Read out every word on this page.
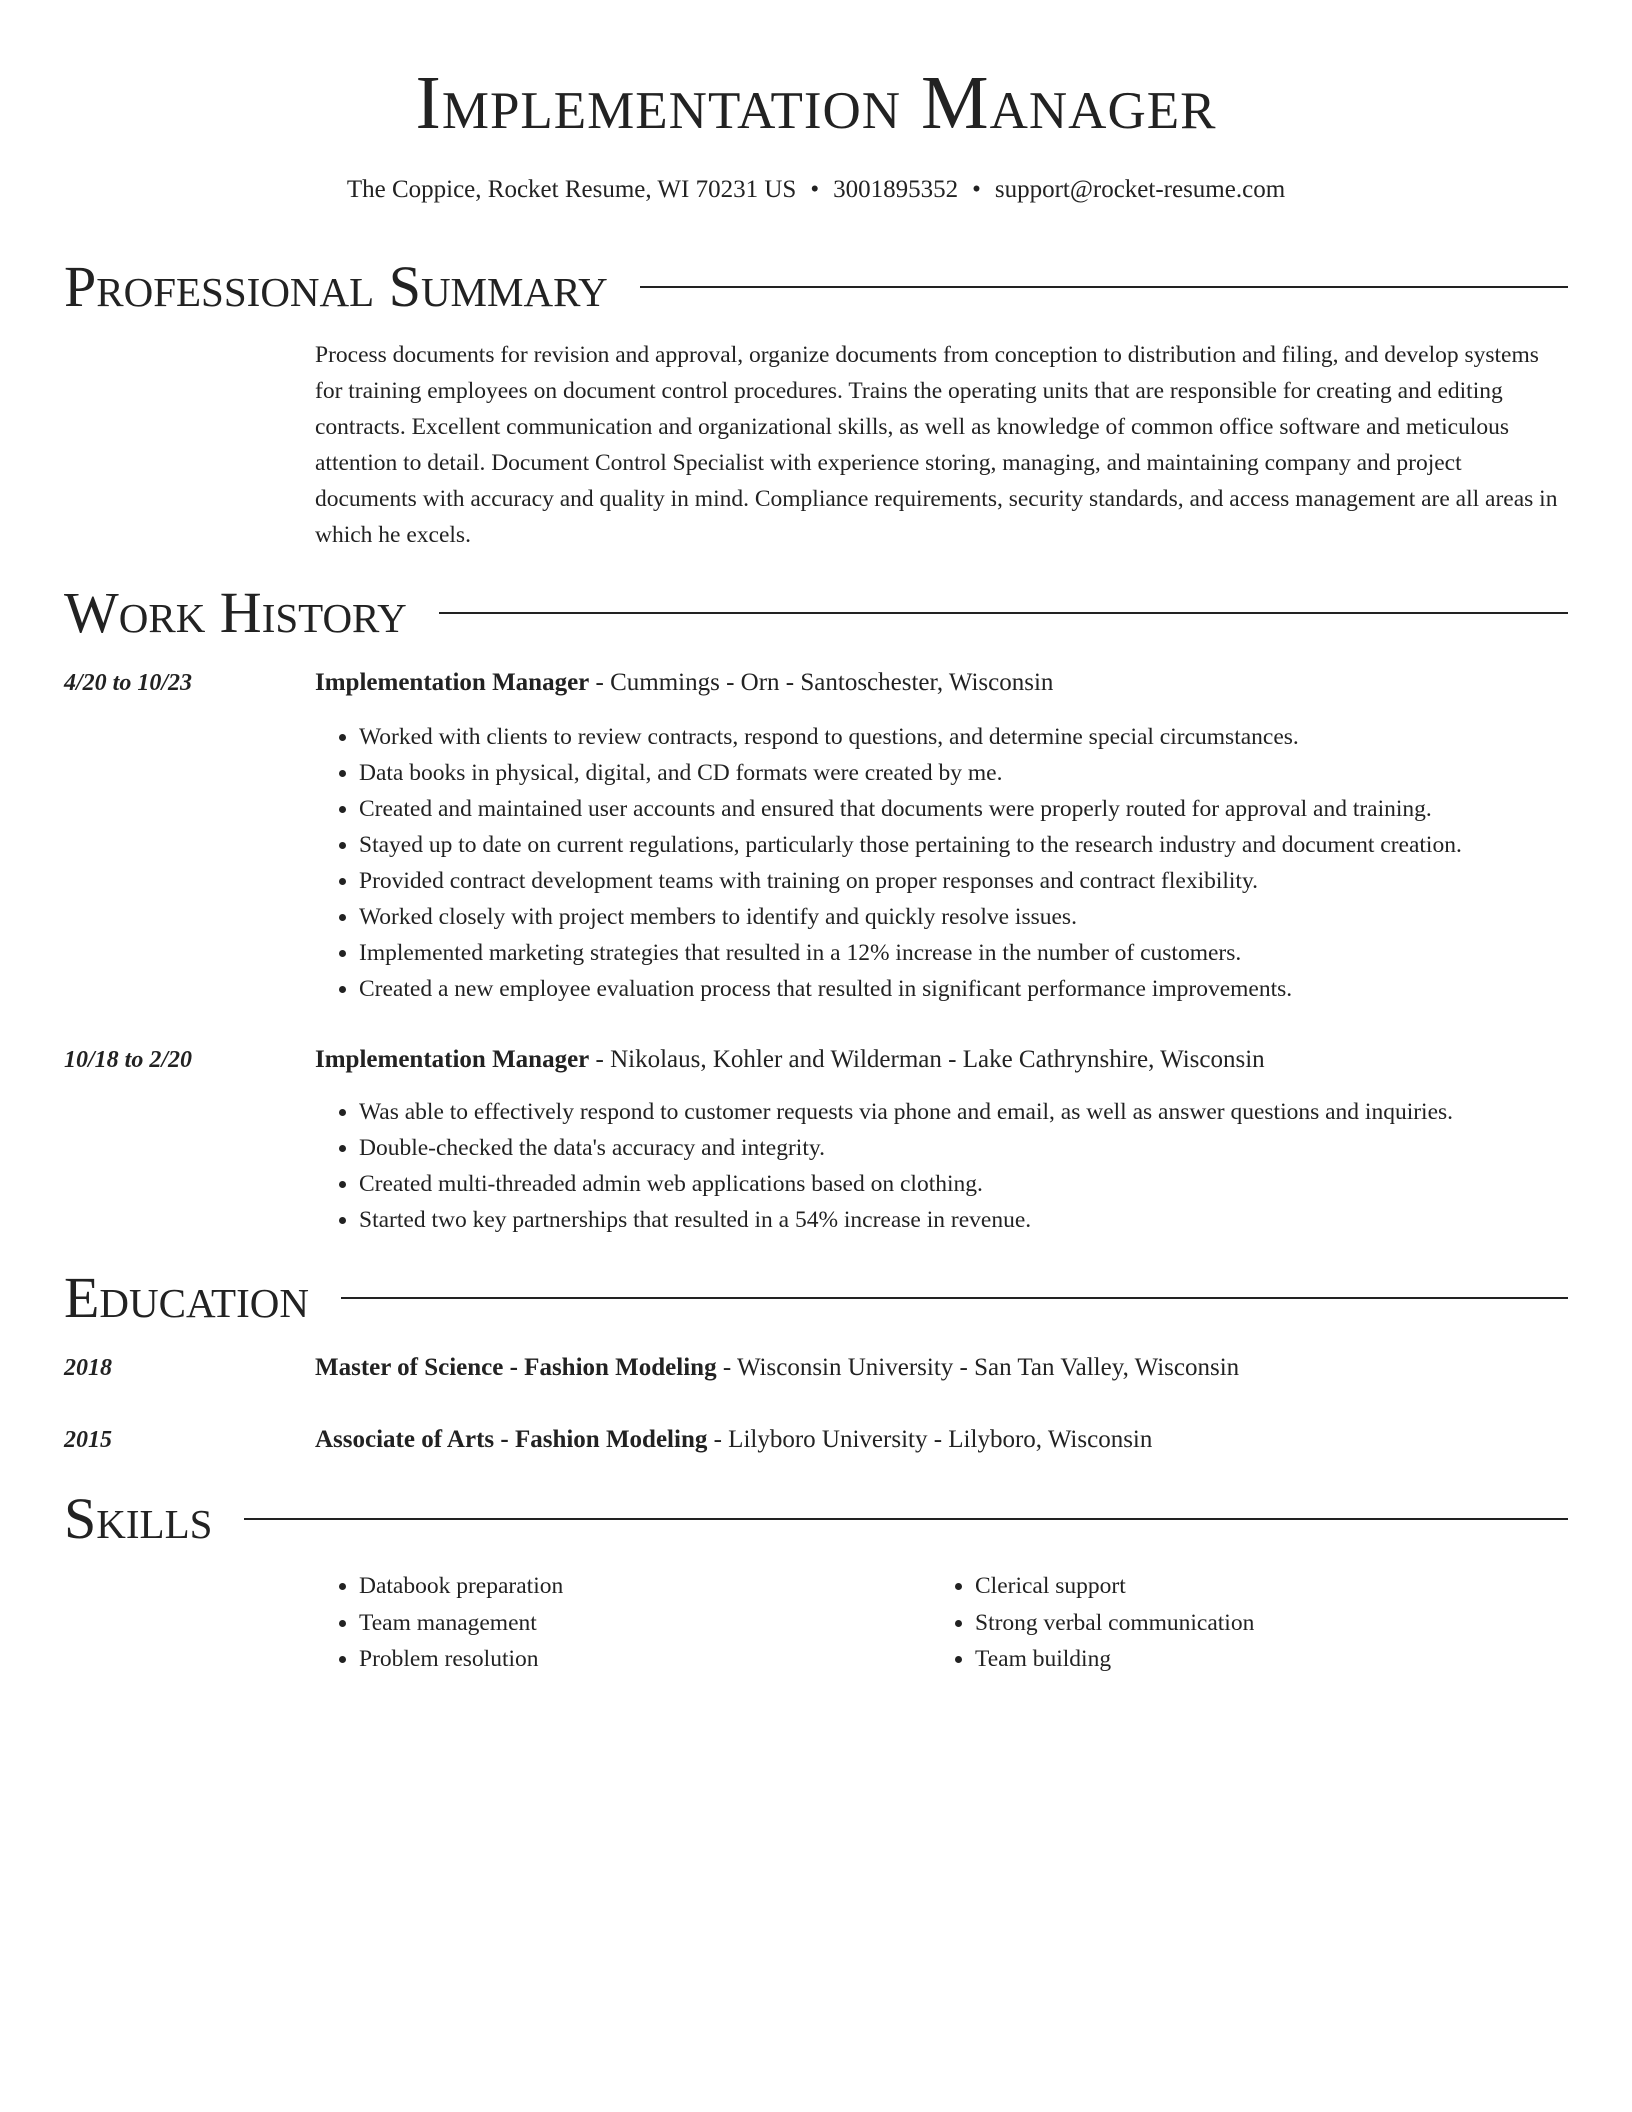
Implementation Manager
The Coppice, Rocket Resume, WI 70231 US • 3001895352 • support@rocket-resume.com
Professional Summary
Process documents for revision and approval, organize documents from conception to distribution and filing, and develop systems for training employees on document control procedures. Trains the operating units that are responsible for creating and editing contracts. Excellent communication and organizational skills, as well as knowledge of common office software and meticulous attention to detail. Document Control Specialist with experience storing, managing, and maintaining company and project documents with accuracy and quality in mind. Compliance requirements, security standards, and access management are all areas in which he excels.
Work History
4/20 to 10/23	Implementation Manager - Cummings - Orn - Santoschester, Wisconsin
• Worked with clients to review contracts, respond to questions, and determine special circumstances.
• Data books in physical, digital, and CD formats were created by me.
• Created and maintained user accounts and ensured that documents were properly routed for approval and training.
• Stayed up to date on current regulations, particularly those pertaining to the research industry and document creation.
• Provided contract development teams with training on proper responses and contract flexibility.
• Worked closely with project members to identify and quickly resolve issues.
• Implemented marketing strategies that resulted in a 12% increase in the number of customers.
• Created a new employee evaluation process that resulted in significant performance improvements.
10/18 to 2/20	Implementation Manager - Nikolaus, Kohler and Wilderman - Lake Cathrynshire, Wisconsin
• Was able to effectively respond to customer requests via phone and email, as well as answer questions and inquiries.
• Double-checked the data's accuracy and integrity.
• Created multi-threaded admin web applications based on clothing.
• Started two key partnerships that resulted in a 54% increase in revenue.
Education
2018	Master of Science - Fashion Modeling - Wisconsin University - San Tan Valley, Wisconsin
2015	Associate of Arts - Fashion Modeling - Lilyboro University - Lilyboro, Wisconsin
Skills
• Databook preparation
• Team management
• Problem resolution
• Clerical support
• Strong verbal communication
• Team building
